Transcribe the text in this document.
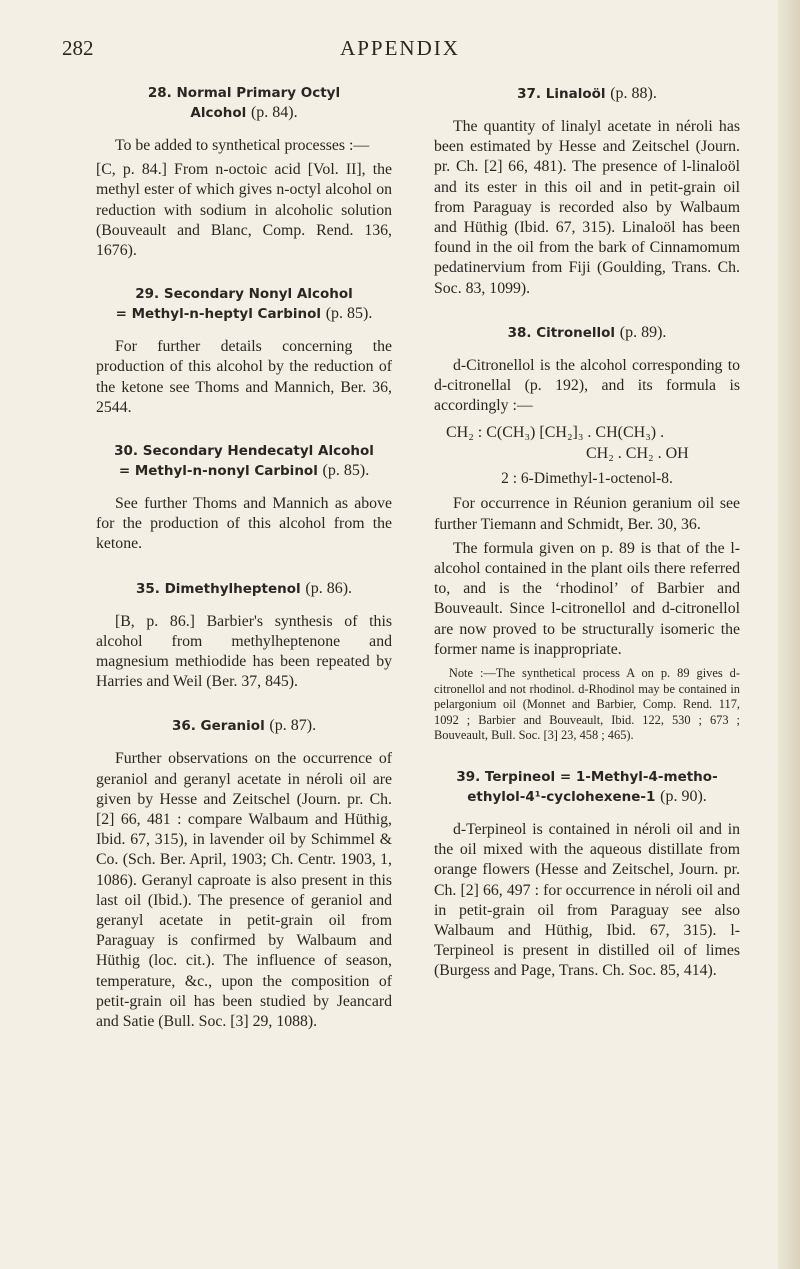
282	APPENDIX
28. Normal Primary Octyl
Alcohol (p. 84).

To be added to synthetical processes :—

[C, p. 84.] From n-octoic acid [Vol. II], the methyl ester of which gives n-octyl alcohol on reduction with sodium in alcoholic solution (Bouveault and Blanc, Comp. Rend. 136, 1676).

29. Secondary Nonyl Alcohol
= Methyl-n-heptyl Carbinol (p. 85).

For further details concerning the production of this alcohol by the reduction of the ketone see Thoms and Mannich, Ber. 36, 2544.

30. Secondary Hendecatyl Alcohol
= Methyl-n-nonyl Carbinol (p. 85).

See further Thoms and Mannich as above for the production of this alcohol from the ketone.

35. Dimethylheptenol (p. 86).

[B, p. 86.] Barbier's synthesis of this alcohol from methylheptenone and magnesium methiodide has been repeated by Harries and Weil (Ber. 37, 845).

36. Geraniol (p. 87).

Further observations on the occurrence of geraniol and geranyl acetate in néroli oil are given by Hesse and Zeitschel (Journ. pr. Ch. [2] 66, 481 : compare Walbaum and Hüthig, Ibid. 67, 315), in lavender oil by Schimmel & Co. (Sch. Ber. April, 1903; Ch. Centr. 1903, 1, 1086). Geranyl caproate is also present in this last oil (Ibid.). The presence of geraniol and geranyl acetate in petit-grain oil from Paraguay is confirmed by Walbaum and Hüthig (loc. cit.). The influence of season, temperature, &c., upon the composition of petit-grain oil has been studied by Jeancard and Satie (Bull. Soc. [3] 29, 1088).

37. Linaloöl (p. 88).

The quantity of linalyl acetate in néroli has been estimated by Hesse and Zeitschel (Journ. pr. Ch. [2] 66, 481). The presence of l-linaloöl and its ester in this oil and in petit-grain oil from Paraguay is recorded also by Walbaum and Hüthig (Ibid. 67, 315). Linaloöl has been found in the oil from the bark of Cinnamomum pedatinervium from Fiji (Goulding, Trans. Ch. Soc. 83, 1099).

38. Citronellol (p. 89).

d-Citronellol is the alcohol corresponding to d-citronellal (p. 192), and its formula is accordingly :—

CH₂ : C(CH₃) [CH₂]₃ . CH(CH₃) .
CH₂ . CH₂ . OH
2 : 6-Dimethyl-1-octenol-8.

For occurrence in Réunion geranium oil see further Tiemann and Schmidt, Ber. 30, 36.

The formula given on p. 89 is that of the l-alcohol contained in the plant oils there referred to, and is the ‘rhodinol’ of Barbier and Bouveault. Since l-citronellol and d-citronellol are now proved to be structurally isomeric the former name is inappropriate.

Note :—The synthetical process A on p. 89 gives d-citronellol and not rhodinol. d-Rhodinol may be contained in pelargonium oil (Monnet and Barbier, Comp. Rend. 117, 1092 ; Barbier and Bouveault, Ibid. 122, 530 ; 673 ; Bouveault, Bull. Soc. [3] 23, 458 ; 465).
39. Terpineol = 1-Methyl-4-metho-
ethylol-4¹-cyclohexene-1 (p. 90).

d-Terpineol is contained in néroli oil and in the oil mixed with the aqueous distillate from orange flowers (Hesse and Zeitschel, Journ. pr. Ch. [2] 66, 497 : for occurrence in néroli oil and in petit-grain oil from Paraguay see also Walbaum and Hüthig, Ibid. 67, 315). l-Terpineol is present in distilled oil of limes (Burgess and Page, Trans. Ch. Soc. 85, 414).
